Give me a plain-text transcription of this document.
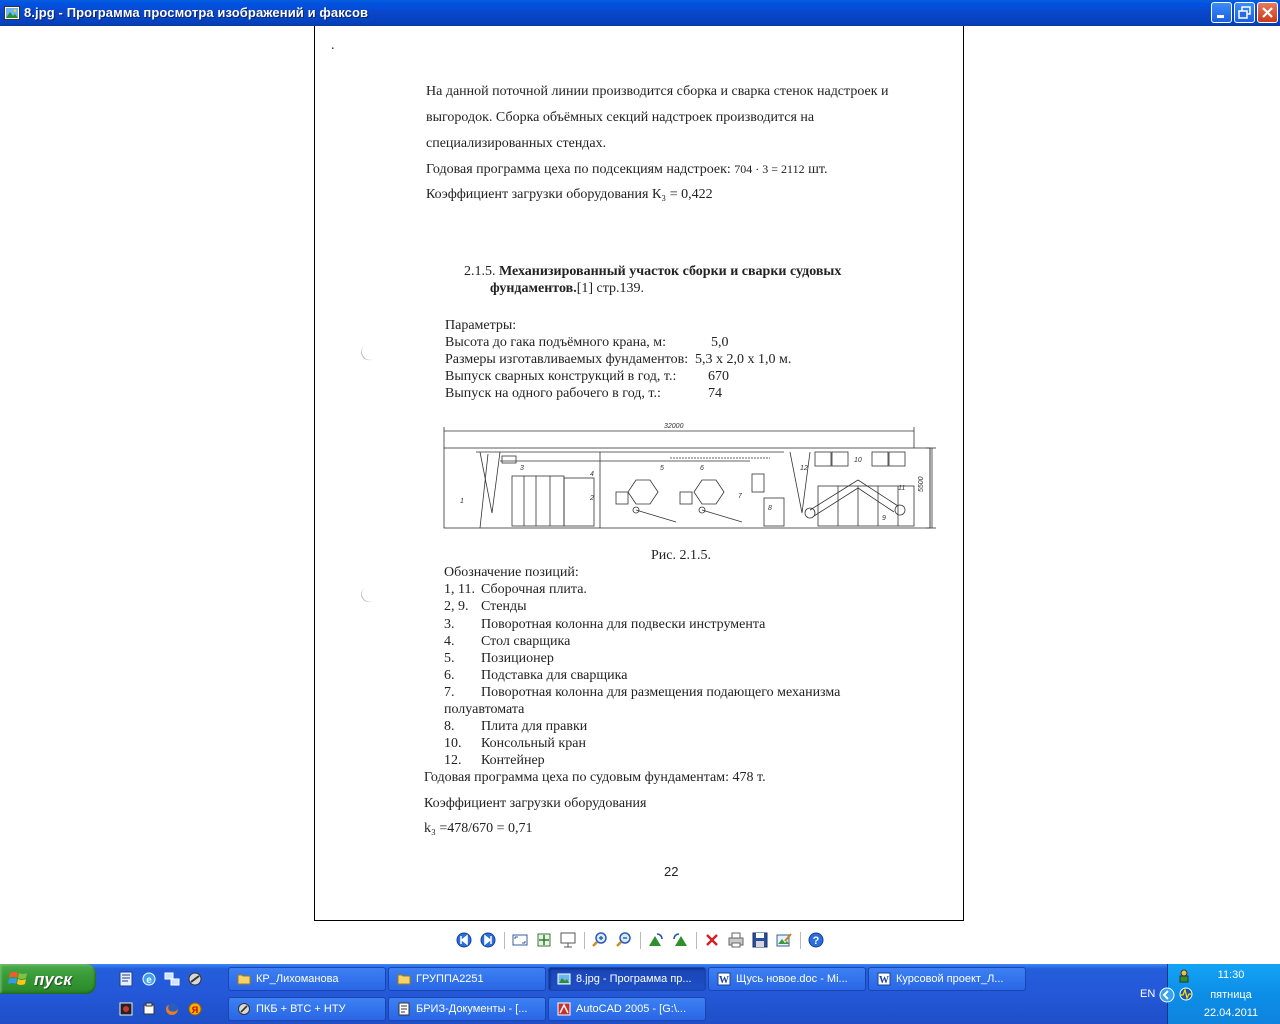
8.jpg - Программа просмотра изображений и факсов
.
На данной поточной линии производится сборка и сварка стенок надстроек и
выгородок. Сборка объёмных секций надстроек производится на
специализированных стендах.
Годовая программа цеха по подсекциям надстроек: 704 · 3 = 2112 шт.
Коэффициент загрузки оборудования К₃ = 0,422
2.1.5. Механизированный участок сборки и сварки судовых
фундаментов.[1] стр.139.
Параметры:
Высота до гака подъёмного крана, м:	5,0
Размеры изготавливаемых фундаментов: 5,3 х 2,0 х 1,0 м.
Выпуск сварных конструкций в год, т.: 670
Выпуск на одного рабочего в год, т.:	74
32000
5500
1	2
3
4
5	6
7
8
9
10
11
12
Рис. 2.1.5.
Обозначение позиций:
1, 11. Сборочная плита.
2, 9. Стенды
3. Поворотная колонна для подвески инструмента
4. Стол сварщика
5. Позиционер
6. Подставка для сварщика
7. Поворотная колонна для размещения подающего механизма
полуавтомата
8. Плита для правки
10. Консольный кран
12. Контейнер
Годовая программа цеха по судовым фундаментам: 478 т.
Коэффициент загрузки оборудования
k₃ =478/670 = 0,71
22
?
пуск	e
Я
КР_Лихоманова	ГРУППА2251	8.jpg - Программа пр...	W Щусь новое.doc - Mi...	W Курсовой проект_Л...
ПКБ + ВТС + НТУ	БРИЗ-Документы - [...	AutoCAD 2005 - [G:\...
EN
11:30
пятница
22.04.2011
